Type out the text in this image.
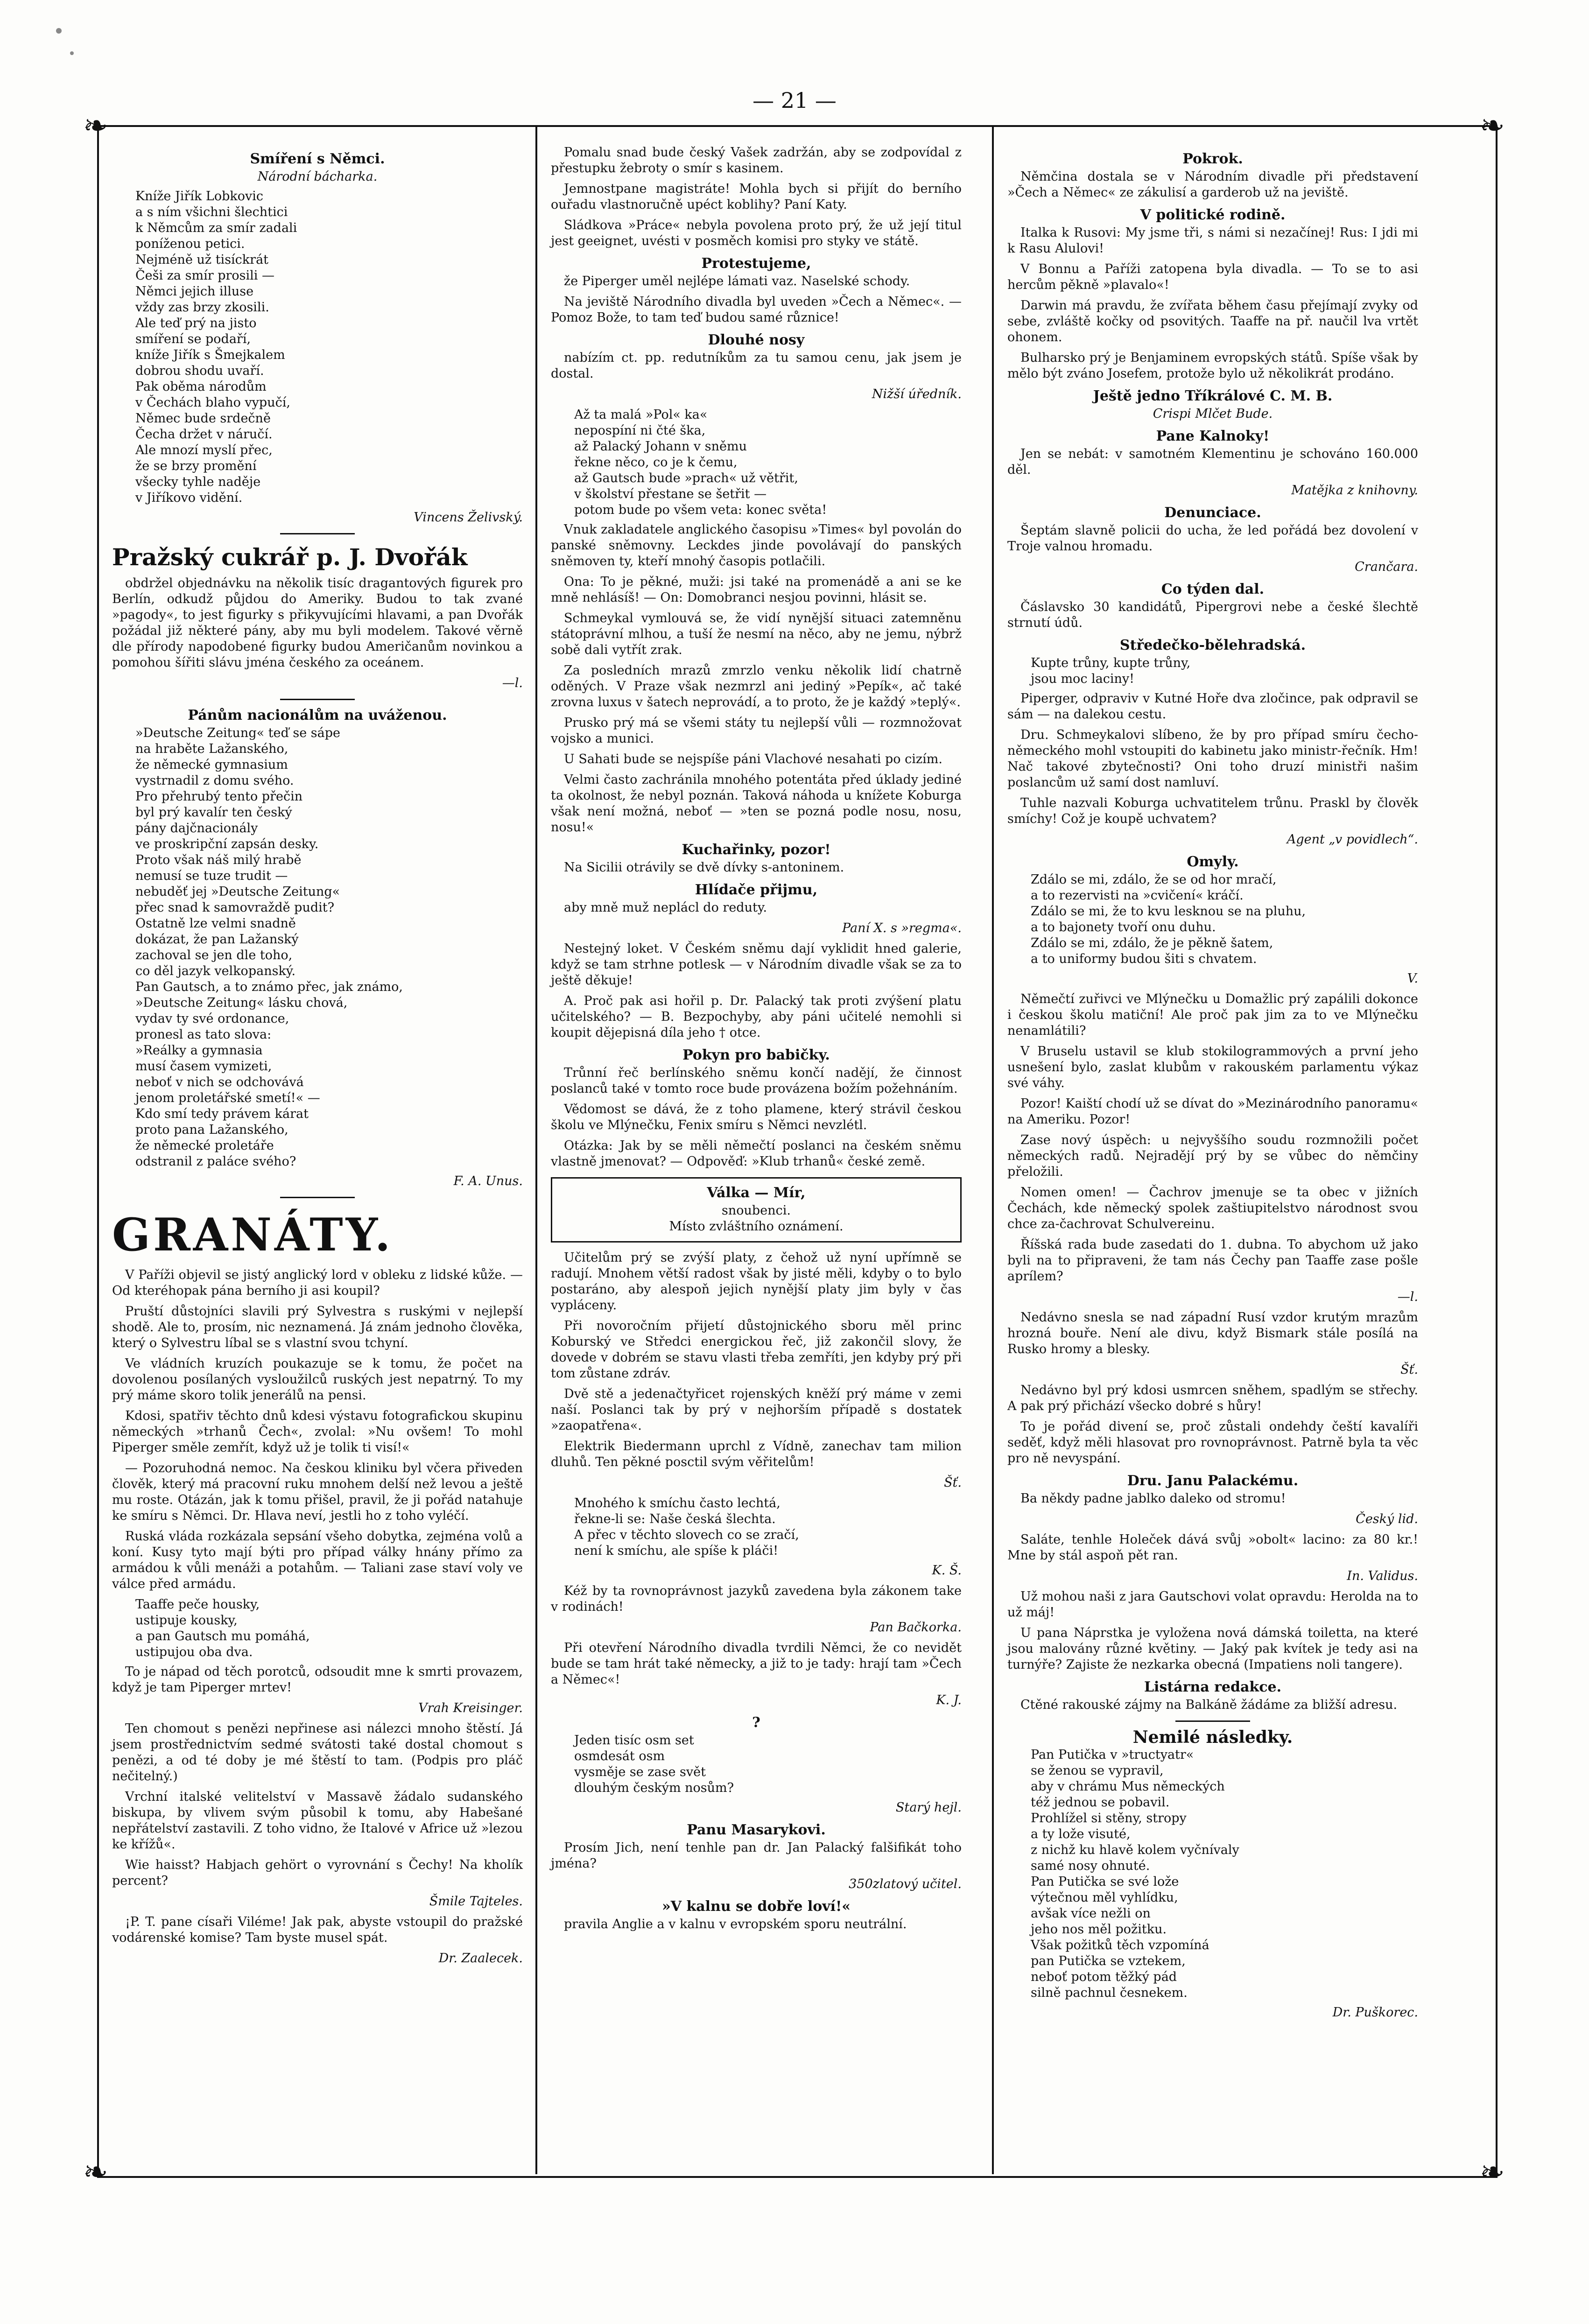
— 21 —
❧	❧
❧	❧
Smíření s Němci.
Národní bácharka.
Kníže Jiřík Lobkovic
a s ním všichni šlechtici
k Němcům za smír zadali
poníženou petici.
Nejméně už tisíckrát
Češi za smír prosili —
Němci jejich illuse
vždy zas brzy zkosili.
Ale teď prý na jisto
smíření se podaří,
kníže Jiřík s Šmejkalem
dobrou shodu uvaří.
Pak oběma národům
v Čechách blaho vypučí,
Němec bude srdečně
Čecha držet v náručí.
Ale mnozí myslí přec,
že se brzy promění
všecky tyhle naděje
v Jiříkovo vidění.
Vincens Želivský.
Pražský cukrář p. J. Dvořák

obdržel objednávku na několik tisíc dragantových figurek pro Berlín, odkudž půjdou do Ameriky. Budou to tak zvané »pagody«, to jest figurky s přikyvujícími hlavami, a pan Dvořák požádal již některé pány, aby mu byli modelem. Takové věrně dle přírody napodobené figurky budou Američanům novinkou a pomohou šířiti slávu jména českého za oceánem.

—l.
Pánům nacionálům na uváženou.
»Deutsche Zeitung« teď se sápe
na hraběte Lažanského,
že německé gymnasium
vystrnadil z domu svého.
Pro přehrubý tento přečin
byl prý kavalír ten český
pány dajčnacionály
ve proskripční zapsán desky.
Proto však náš milý hrabě
nemusí se tuze trudit —
nebuděť jej »Deutsche Zeitung«
přec snad k samovraždě pudit?
Ostatně lze velmi snadně
dokázat, že pan Lažanský
zachoval se jen dle toho,
co děl jazyk velkopanský.
Pan Gautsch, a to známo přec, jak známo,
»Deutsche Zeitung« lásku chová,
vydav ty své ordonance,
pronesl as tato slova:
»Reálky a gymnasia
musí časem vymizeti,
neboť v nich se odchovává
jenom proletářské smetí!« —
Kdo smí tedy právem kárat
proto pana Lažanského,
že německé proletáře
odstranil z paláce svého?
F. A. Unus.
GRANÁTY.

V Paříži objevil se jistý anglický lord v obleku z lidské kůže. — Od kteréhopak pána berního ji asi koupil?

Pruští důstojníci slavili prý Sylvestra s ruskými v nejlepší shodě. Ale to, prosím, nic neznamená. Já znám jednoho člověka, který o Sylvestru líbal se s vlastní svou tchyní.

Ve vládních kruzích poukazuje se k tomu, že počet na dovolenou posílaných vysloužilců ruských jest nepatrný. To my prý máme skoro tolik jenerálů na pensi.

Kdosi, spatřiv těchto dnů kdesi výstavu fotografickou skupinu německých »trhanů Čech«, zvolal: »Nu ovšem! To mohl Piperger směle zemřít, když už je tolik ti visí!«

— Pozoruhodná nemoc. Na českou kliniku byl včera přiveden člověk, který má pracovní ruku mnohem delší než levou a ještě mu roste. Otázán, jak k tomu přišel, pravil, že ji pořád natahuje ke smíru s Němci. Dr. Hlava neví, jestli ho z toho vyléčí.

Ruská vláda rozkázala sepsání všeho dobytka, zejména volů a koní. Kusy tyto mají býti pro případ války hnány přímo za armádou k vůli menáži a potahům. — Taliani zase staví voly ve válce před armádu.

Taaffe peče housky,
ustipuje kousky,
a pan Gautsch mu pomáhá,
ustipujou oba dva.

To je nápad od těch porotců, odsoudit mne k smrti provazem, když je tam Piperger mrtev!

Vrah Kreisinger.

Ten chomout s penězi nepřinese asi nálezci mnoho štěstí. Já jsem prostřednictvím sedmé svátosti také dostal chomout s penězi, a od té doby je mé štěstí to tam. (Podpis pro pláč nečitelný.)

Vrchní italské velitelství v Massavě žádalo sudanského biskupa, by vlivem svým působil k tomu, aby Habešané nepřátelství zastavili. Z toho vidno, že Italové v Africe už »lezou ke křížů«.

Wie haisst? Habjach gehört o vyrovnání s Čechy! Na kholík percent?

Šmile Tajteles.

¡P. T. pane císaři Viléme! Jak pak, abyste vstoupil do pražské vodárenské komise? Tam byste musel spát.

Dr. Zaalecek.

Pomalu snad bude český Vašek zadržán, aby se zodpovídal z přestupku žebroty o smír s kasinem.

Jemnostpane magistráte! Mohla bych si přijít do berního ouřadu vlastnoručně upéct koblihy? Paní Katy.

Sládkova »Práce« nebyla povolena proto prý, že už její titul jest geeignet, uvésti v posměch komisi pro styky ve státě.

Protestujeme,

že Piperger uměl nejlépe lámati vaz. Naselské schody.

Na jeviště Národního divadla byl uveden »Čech a Němec«. — Pomoz Bože, to tam teď budou samé různice!

Dlouhé nosy

nabízím ct. pp. redutníkům za tu samou cenu, jak jsem je dostal.

Nižší úředník.
Až ta malá »Pol« ka«
nepospíní ni čté ška,
až Palacký Johann v sněmu
řekne něco, co je k čemu,
až Gautsch bude »prach« už větřit,
v školství přestane se šetřit —
potom bude po všem veta: konec světa!

Vnuk zakladatele anglického časopisu »Times« byl povolán do panské sněmovny. Leckdes jinde povolávají do panských sněmoven ty, kteří mnohý časopis potlačili.

Ona: To je pěkné, muži: jsi také na promenádě a ani se ke mně nehlásíš! — On: Domobranci nesjou povinni, hlásit se.

Schmeykal vymlouvá se, že vidí nynější situaci zatemněnu státoprávní mlhou, a tuší že nesmí na něco, aby ne jemu, nýbrž sobě dali vytřít zrak.

Za posledních mrazů zmrzlo venku několik lidí chatrně oděných. V Praze však nezmrzl ani jediný »Pepík«, ač také zrovna luxus v šatech neprovádí, a to proto, že je každý »teplý«.

Prusko prý má se všemi státy tu nejlepší vůli — rozmnožovat vojsko a munici.

U Sahati bude se nejspíše páni Vlachové nesahati po cizím.

Velmi často zachránila mnohého potentáta před úklady jediné ta okolnost, že nebyl poznán. Taková náhoda u knížete Koburga však není možná, neboť — »ten se pozná podle nosu, nosu, nosu!«

Kuchařinky, pozor!

Na Sicilii otrávily se dvě dívky s-antoninem.

Hlídače přijmu,

aby mně muž neplácl do reduty.

Paní X. s »regma«.

Nestejný loket. V Českém sněmu dají vyklidit hned galerie, když se tam strhne potlesk — v Národním divadle však se za to ještě děkuje!

A. Proč pak asi hořil p. Dr. Palacký tak proti zvýšení platu učitelského? — B. Bezpochyby, aby páni učitelé nemohli si koupit dějepisná díla jeho † otce.

Pokyn pro babičky.

Trůnní řeč berlínského sněmu končí nadějí, že činnost poslanců také v tomto roce bude provázena božím požehnáním.

Vědomost se dává, že z toho plamene, který strávil českou školu ve Mlýnečku, Fenix smíru s Němci nevzlétl.

Otázka: Jak by se měli němečtí poslanci na českém sněmu vlastně jmenovat? — Odpověď: »Klub trhanů« české země.

Válka — Mír,
snoubenci.
Místo zvláštního oznámení.

Učitelům prý se zvýší platy, z čehož už nyní upřímně se radují. Mnohem větší radost však by jisté měli, kdyby o to bylo postaráno, aby alespoň jejich nynější platy jim byly v čas vypláceny.

Při novoročním přijetí důstojnického sboru měl princ Koburský ve Středci energickou řeč, již zakončil slovy, že dovede v dobrém se stavu vlasti třeba zemříti, jen kdyby prý při tom zůstane zdráv.

Dvě stě a jedenačtyřicet rojenských kněží prý máme v zemi naší. Poslanci tak by prý v nejhorším případě s dostatek »zaopatřena«.

Elektrik Biedermann uprchl z Vídně, zanechav tam milion dluhů. Ten pěkné posctil svým věřitelům!

Šť.
Mnohého k smíchu často lechtá,
řekne-li se: Naše česká šlechta.
A přec v těchto slovech co se zračí,
není k smíchu, ale spíše k pláči!
K. Š.

Kéž by ta rovnoprávnost jazyků zavedena byla zákonem take v rodinách!

Pan Bačkorka.

Při otevření Národního divadla tvrdili Němci, že co nevidět bude se tam hrát také německy, a již to je tady: hrají tam »Čech a Němec«!

K. J.
?
Jeden tisíc osm set
osmdesát osm
vysměje se zase svět
dlouhým českým nosům?
Starý hejl.
Panu Masarykovi.

Prosím Jich, není tenhle pan dr. Jan Palacký falšifikát toho jména?

350zlatový učitel.
»V kalnu se dobře loví!«

pravila Anglie a v kalnu v evropském sporu neutrální.

Pokrok.

Němčina dostala se v Národním divadle při představení »Čech a Němec« ze zákulisí a garderob už na jeviště.

V politické rodině.

Italka k Rusovi: My jsme tři, s námi si nezačínej! Rus: I jdi mi k Rasu Alulovi!

V Bonnu a Paříži zatopena byla divadla. — To se to asi hercům pěkně »plavalo«!

Darwin má pravdu, že zvířata během času přejímají zvyky od sebe, zvláště kočky od psovitých. Taaffe na př. naučil lva vrtět ohonem.

Bulharsko prý je Benjaminem evropských států. Spíše však by mělo být zváno Josefem, protože bylo už několikrát prodáno.

Ještě jedno Tříkrálové C. M. B.
Crispi Mlčet Bude.
Pane Kalnoky!

Jen se nebát: v samotném Klementinu je schováno 160.000 děl.

Matějka z knihovny.
Denunciace.

Šeptám slavně policii do ucha, že led pořádá bez dovolení v Troje valnou hromadu.

Crančara.
Co týden dal.

Čáslavsko 30 kandidátů, Pipergrovi nebe a české šlechtě strnutí údů.

Středečko-bělehradská.
Kupte trůny, kupte trůny,
jsou moc laciny!

Piperger, odpraviv v Kutné Hoře dva zločince, pak odpravil se sám — na dalekou cestu.

Dru. Schmeykalovi slíbeno, že by pro případ smíru čecho-německého mohl vstoupiti do kabinetu jako ministr-řečník. Hm! Nač takové zbytečnosti? Oni toho druzí ministři našim poslancům už samí dost namluví.

Tuhle nazvali Koburga uchvatitelem trůnu. Praskl by člověk smíchy! Což je koupě uchvatem?

Agent „v povidlech“.
Omyly.
Zdálo se mi, zdálo, že se od hor mračí,
a to rezervisti na »cvičení« kráčí.
Zdálo se mi, že to kvu lesknou se na pluhu,
a to bajonety tvoří onu duhu.
Zdálo se mi, zdálo, že je pěkně šatem,
a to uniformy budou šiti s chvatem.
V.

Němečtí zuřivci ve Mlýnečku u Domažlic prý zapálili dokonce i českou školu matiční! Ale proč pak jim za to ve Mlýnečku nenamlátili?

V Bruselu ustavil se klub stokilogrammových a první jeho usnešení bylo, zaslat klubům v rakouském parlamentu výkaz své váhy.

Pozor! Kaiští chodí už se dívat do »Mezinárodního panoramu« na Ameriku. Pozor!

Zase nový úspěch: u nejvyššího soudu rozmnožili počet německých radů. Nejradějí prý by se vůbec do němčiny přeložili.

Nomen omen! — Čachrov jmenuje se ta obec v jižních Čechách, kde německý spolek zaštiupitelstvo národnost svou chce za-čachrovat Schulvereinu.

Říšská rada bude zasedati do 1. dubna. To abychom už jako byli na to připraveni, že tam nás Čechy pan Taaffe zase pošle aprílem?

—l.

Nedávno snesla se nad západní Rusí vzdor krutým mrazům hrozná bouře. Není ale divu, když Bismark stále posílá na Rusko hromy a blesky.

Šť.

Nedávno byl prý kdosi usmrcen sněhem, spadlým se střechy. A pak prý přichází všecko dobré s hůry!

To je pořád divení se, proč zůstali ondehdy čeští kavalíři seděť, když měli hlasovat pro rovnoprávnost. Patrně byla ta věc pro ně nevyspání.

Dru. Janu Palackému.

Ba někdy padne jablko daleko od stromu!

Český lid.

Saláte, tenhle Holeček dává svůj »obolt« lacino: za 80 kr.! Mne by stál aspoň pět ran.

In. Validus.

Už mohou naši z jara Gautschovi volat opravdu: Herolda na to už máj!

U pana Náprstka je vyložena nová dámská toiletta, na které jsou malovány různé květiny. — Jaký pak kvítek je tedy asi na turnýře? Zajiste že nezkarka obecná (Impatiens noli tangere).

Listárna redakce.

Ctěné rakouské zájmy na Balkáně žádáme za bližší adresu.

Nemilé následky.
Pan Putička v »tructyatr«
se ženou se vypravil,
aby v chrámu Mus německých
též jednou se pobavil.
Prohlížel si stěny, stropy
a ty lože visuté,
z nichž ku hlavě kolem vyčnívaly
samé nosy ohnuté.
Pan Putička se své lože
výtečnou měl vyhlídku,
avšak více nežli on
jeho nos měl požitku.
Však požitků těch vzpomíná
pan Putička se vztekem,
neboť potom těžký pád
silně pachnul česnekem.
Dr. Puškorec.
